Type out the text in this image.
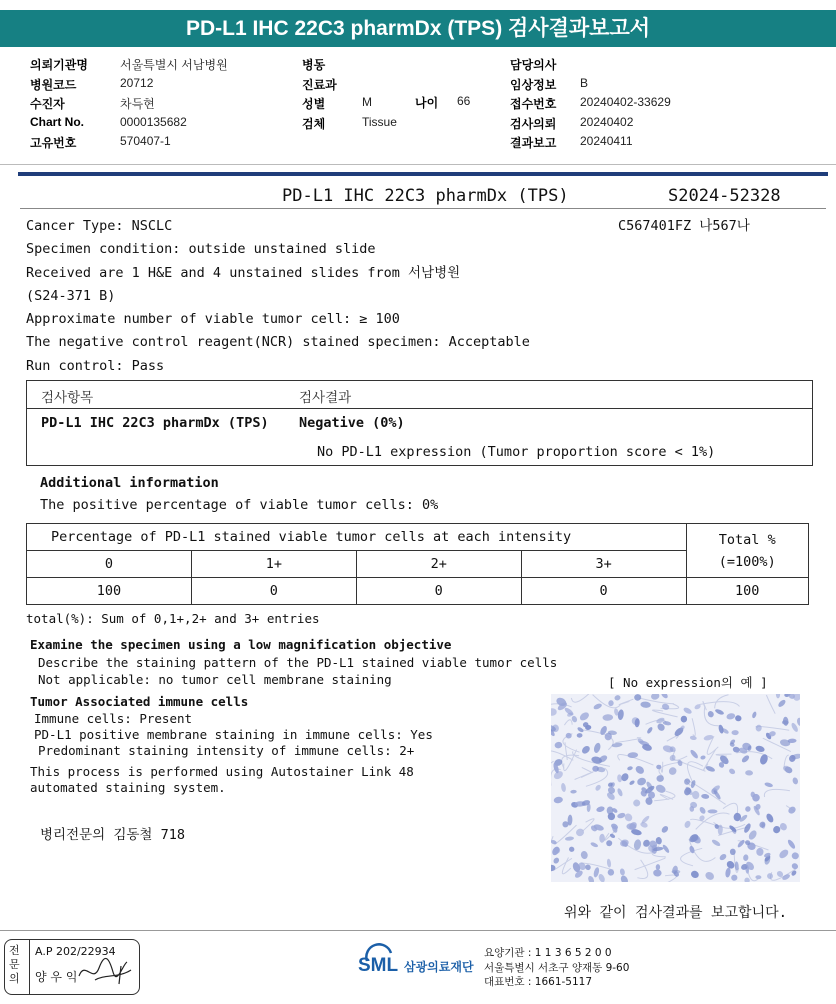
PD-L1 IHC 22C3 pharmDx (TPS) 검사결과보고서
의뢰기관명	서울특별시 서남병원
병원코드	20712
수진자	차득현
Chart No.	0000135682
고유번호	570407-1
병동
진료과
성별	M
검체	Tissue
나이 66
담당의사
임상정보 B
접수번호 20240402-33629
검사의뢰 20240402
결과보고 20240411
PD-L1 IHC 22C3 pharmDx (TPS)	S2024-52328
C567401FZ 나567나
Cancer Type: NSCLC
Specimen condition: outside unstained slide
Received are 1 H&E and 4 unstained slides from 서남병원
(S24-371 B)
Approximate number of viable tumor cell: ≥ 100
The negative control reagent(NCR) stained specimen: Acceptable
Run control: Pass
검사항목	검사결과
PD-L1 IHC 22C3 pharmDx (TPS) Negative (0%)
No PD-L1 expression (Tumor proportion score < 1%)
Additional information
The positive percentage of viable tumor cells: 0%
Percentage of PD-L1 stained viable tumor cells at each intensity				Total %
(=100%)

0	1+	2+	3+	
100	0	0	0	100
total(%): Sum of 0,1+,2+ and 3+ entries
Examine the specimen using a low magnification objective
Describe the staining pattern of the PD-L1 stained viable tumor cells
Not applicable: no tumor cell membrane staining	[ No expression의 예 ]
Tumor Associated immune cells
Immune cells: Present
PD-L1 positive membrane staining in immune cells: Yes
Predominant staining intensity of immune cells: 2+
This process is performed using Autostainer Link 48
automated staining system.
병리전문의 김동철 718
위와 같이 검사결과를 보고합니다.
전문의
A.P 202/22934
양 우 익
SML 삼광의료재단
요양기관 : 1 1 3 6 5 2 0 0
서울특별시 서초구 양재동 9-60
대표번호 : 1661-5117
